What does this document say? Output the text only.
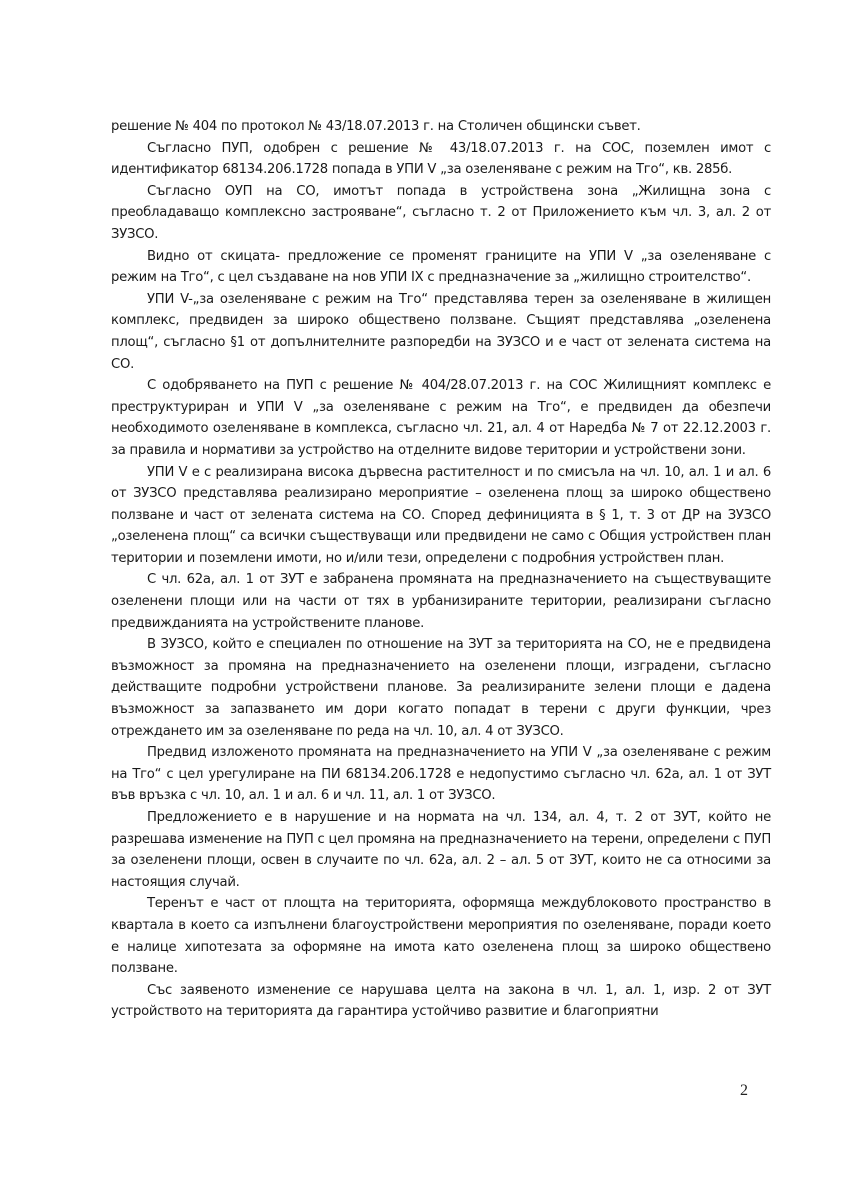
решение № 404 по протокол № 43/18.07.2013 г. на Столичен общински съвет.

Съгласно ПУП, одобрен с решение № 43/18.07.2013 г. на СОС, поземлен имот с идентификатор 68134.206.1728 попада в УПИ V „за озеленяване с режим на Тго“, кв. 285б.

Съгласно ОУП на СО, имотът попада в устройствена зона „Жилищна зона с преобладаващо комплексно застрояване“, съгласно т. 2 от Приложението към чл. 3, ал. 2 от ЗУЗСО.

Видно от скицата- предложение се променят границите на УПИ V „за озеленяване с режим на Тго“, с цел създаване на нов УПИ IX с предназначение за „жилищно строителство“.

УПИ V-„за озеленяване с режим на Тго“ представлява терен за озеленяване в жилищен комплекс, предвиден за широко обществено ползване. Същият представлява „озеленена площ“, съгласно §1 от допълнителните разпоредби на ЗУЗСО и е част от зелената система на СО.

С одобряването на ПУП с решение № 404/28.07.2013 г. на СОС Жилищният комплекс е преструктуриран и УПИ V „за озеленяване с режим на Тго“, е предвиден да обезпечи необходимото озеленяване в комплекса, съгласно чл. 21, ал. 4 от Наредба № 7 от 22.12.2003 г. за правила и нормативи за устройство на отделните видове територии и устройствени зони.

УПИ V е с реализирана висока дървесна растителност и по смисъла на чл. 10, ал. 1 и ал. 6 от ЗУЗСО представлява реализирано мероприятие – озеленена площ за широко обществено ползване и част от зелената система на СО. Според дефиницията в § 1, т. 3 от ДР на ЗУЗСО „озеленена площ“ са всички съществуващи или предвидени не само с Общия устройствен план територии и поземлени имоти, но и/или тези, определени с подробния устройствен план.

С чл. 62а, ал. 1 от ЗУТ е забранена промяната на предназначението на съществуващите озеленени площи или на части от тях в урбанизираните територии, реализирани съгласно предвижданията на устройствените планове.

В ЗУЗСО, който е специален по отношение на ЗУТ за територията на СО, не е предвидена възможност за промяна на предназначението на озеленени площи, изградени, съгласно действащите подробни устройствени планове. За реализираните зелени площи е дадена възможност за запазването им дори когато попадат в терени с други функции, чрез отреждането им за озеленяване по реда на чл. 10, ал. 4 от ЗУЗСО.

Предвид изложеното промяната на предназначението на УПИ V „за озеленяване с режим на Тго“ с цел урегулиране на ПИ 68134.206.1728 е недопустимо съгласно чл. 62а, ал. 1 от ЗУТ във връзка с чл. 10, ал. 1 и ал. 6 и чл. 11, ал. 1 от ЗУЗСО.

Предложението е в нарушение и на нормата на чл. 134, ал. 4, т. 2 от ЗУТ, който не разрешава изменение на ПУП с цел промяна на предназначението на терени, определени с ПУП за озеленени площи, освен в случаите по чл. 62а, ал. 2 – ал. 5 от ЗУТ, които не са относими за настоящия случай.

Теренът е част от площта на територията, оформяща междублоковото пространство в квартала в което са изпълнени благоустройствени мероприятия по озеленяване, поради което е налице хипотезата за оформяне на имота като озеленена площ за широко обществено ползване.

Със заявеното изменение се нарушава целта на закона в чл. 1, ал. 1, изр. 2 от ЗУТ устройството на територията да гарантира устойчиво развитие и благоприятни

2
